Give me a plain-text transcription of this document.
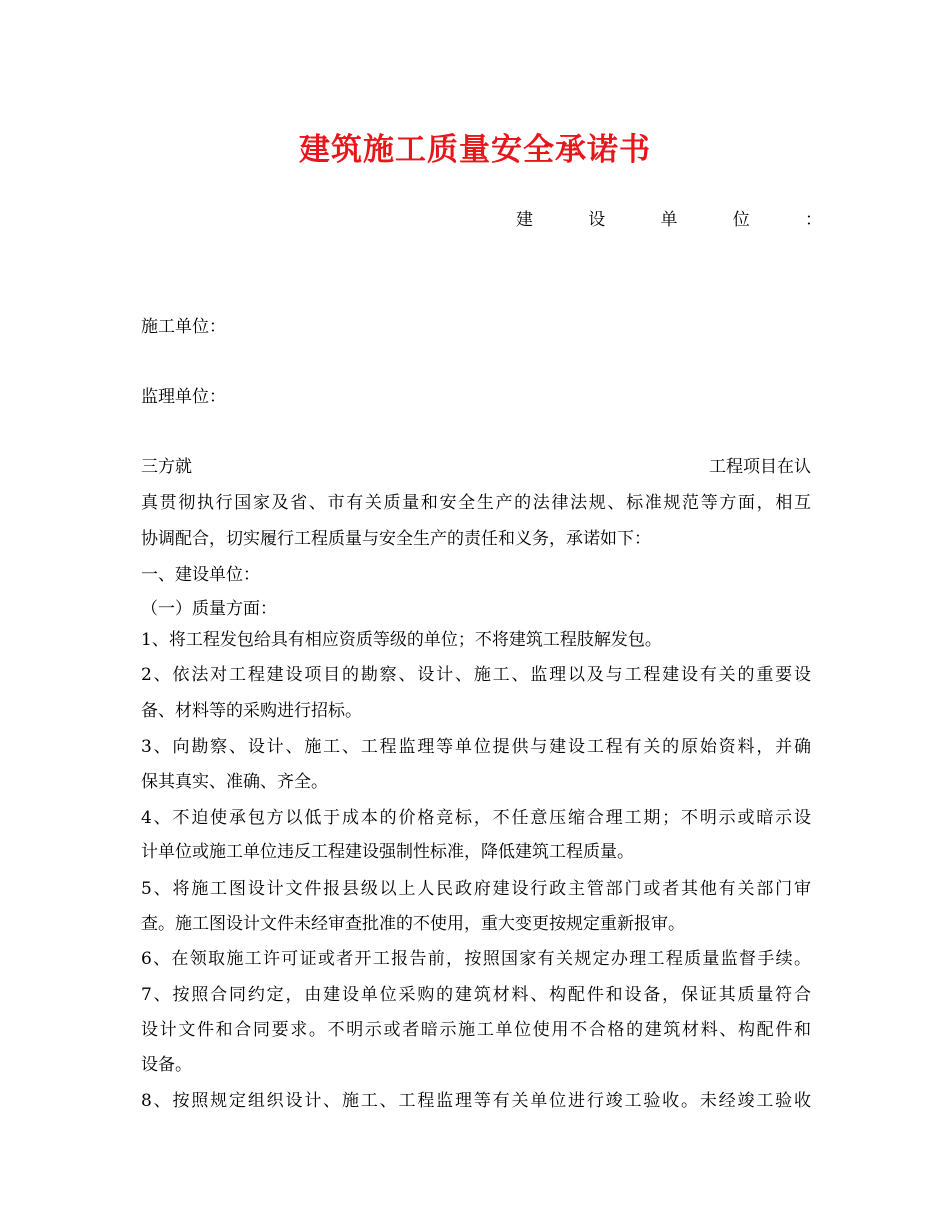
建筑施工质量安全承诺书
建	设	单	位	：
施工单位：
监理单位：
三方就	工程项目在认
真贯彻执行国家及省、市有关质量和安全生产的法律法规、标准规范等方面，相互
协调配合，切实履行工程质量与安全生产的责任和义务，承诺如下：
一、建设单位：
（一）质量方面：
1、将工程发包给具有相应资质等级的单位；不将建筑工程肢解发包。
2、依法对工程建设项目的勘察、设计、施工、监理以及与工程建设有关的重要设
备、材料等的采购进行招标。
3、向勘察、设计、施工、工程监理等单位提供与建设工程有关的原始资料，并确
保其真实、准确、齐全。
4、不迫使承包方以低于成本的价格竞标，不任意压缩合理工期；不明示或暗示设
计单位或施工单位违反工程建设强制性标准，降低建筑工程质量。
5、将施工图设计文件报县级以上人民政府建设行政主管部门或者其他有关部门审
查。施工图设计文件未经审查批准的不使用，重大变更按规定重新报审。
6、在领取施工许可证或者开工报告前，按照国家有关规定办理工程质量监督手续。
7、按照合同约定，由建设单位采购的建筑材料、构配件和设备，保证其质量符合
设计文件和合同要求。不明示或者暗示施工单位使用不合格的建筑材料、构配件和
设备。
8、按照规定组织设计、施工、工程监理等有关单位进行竣工验收。未经竣工验收
